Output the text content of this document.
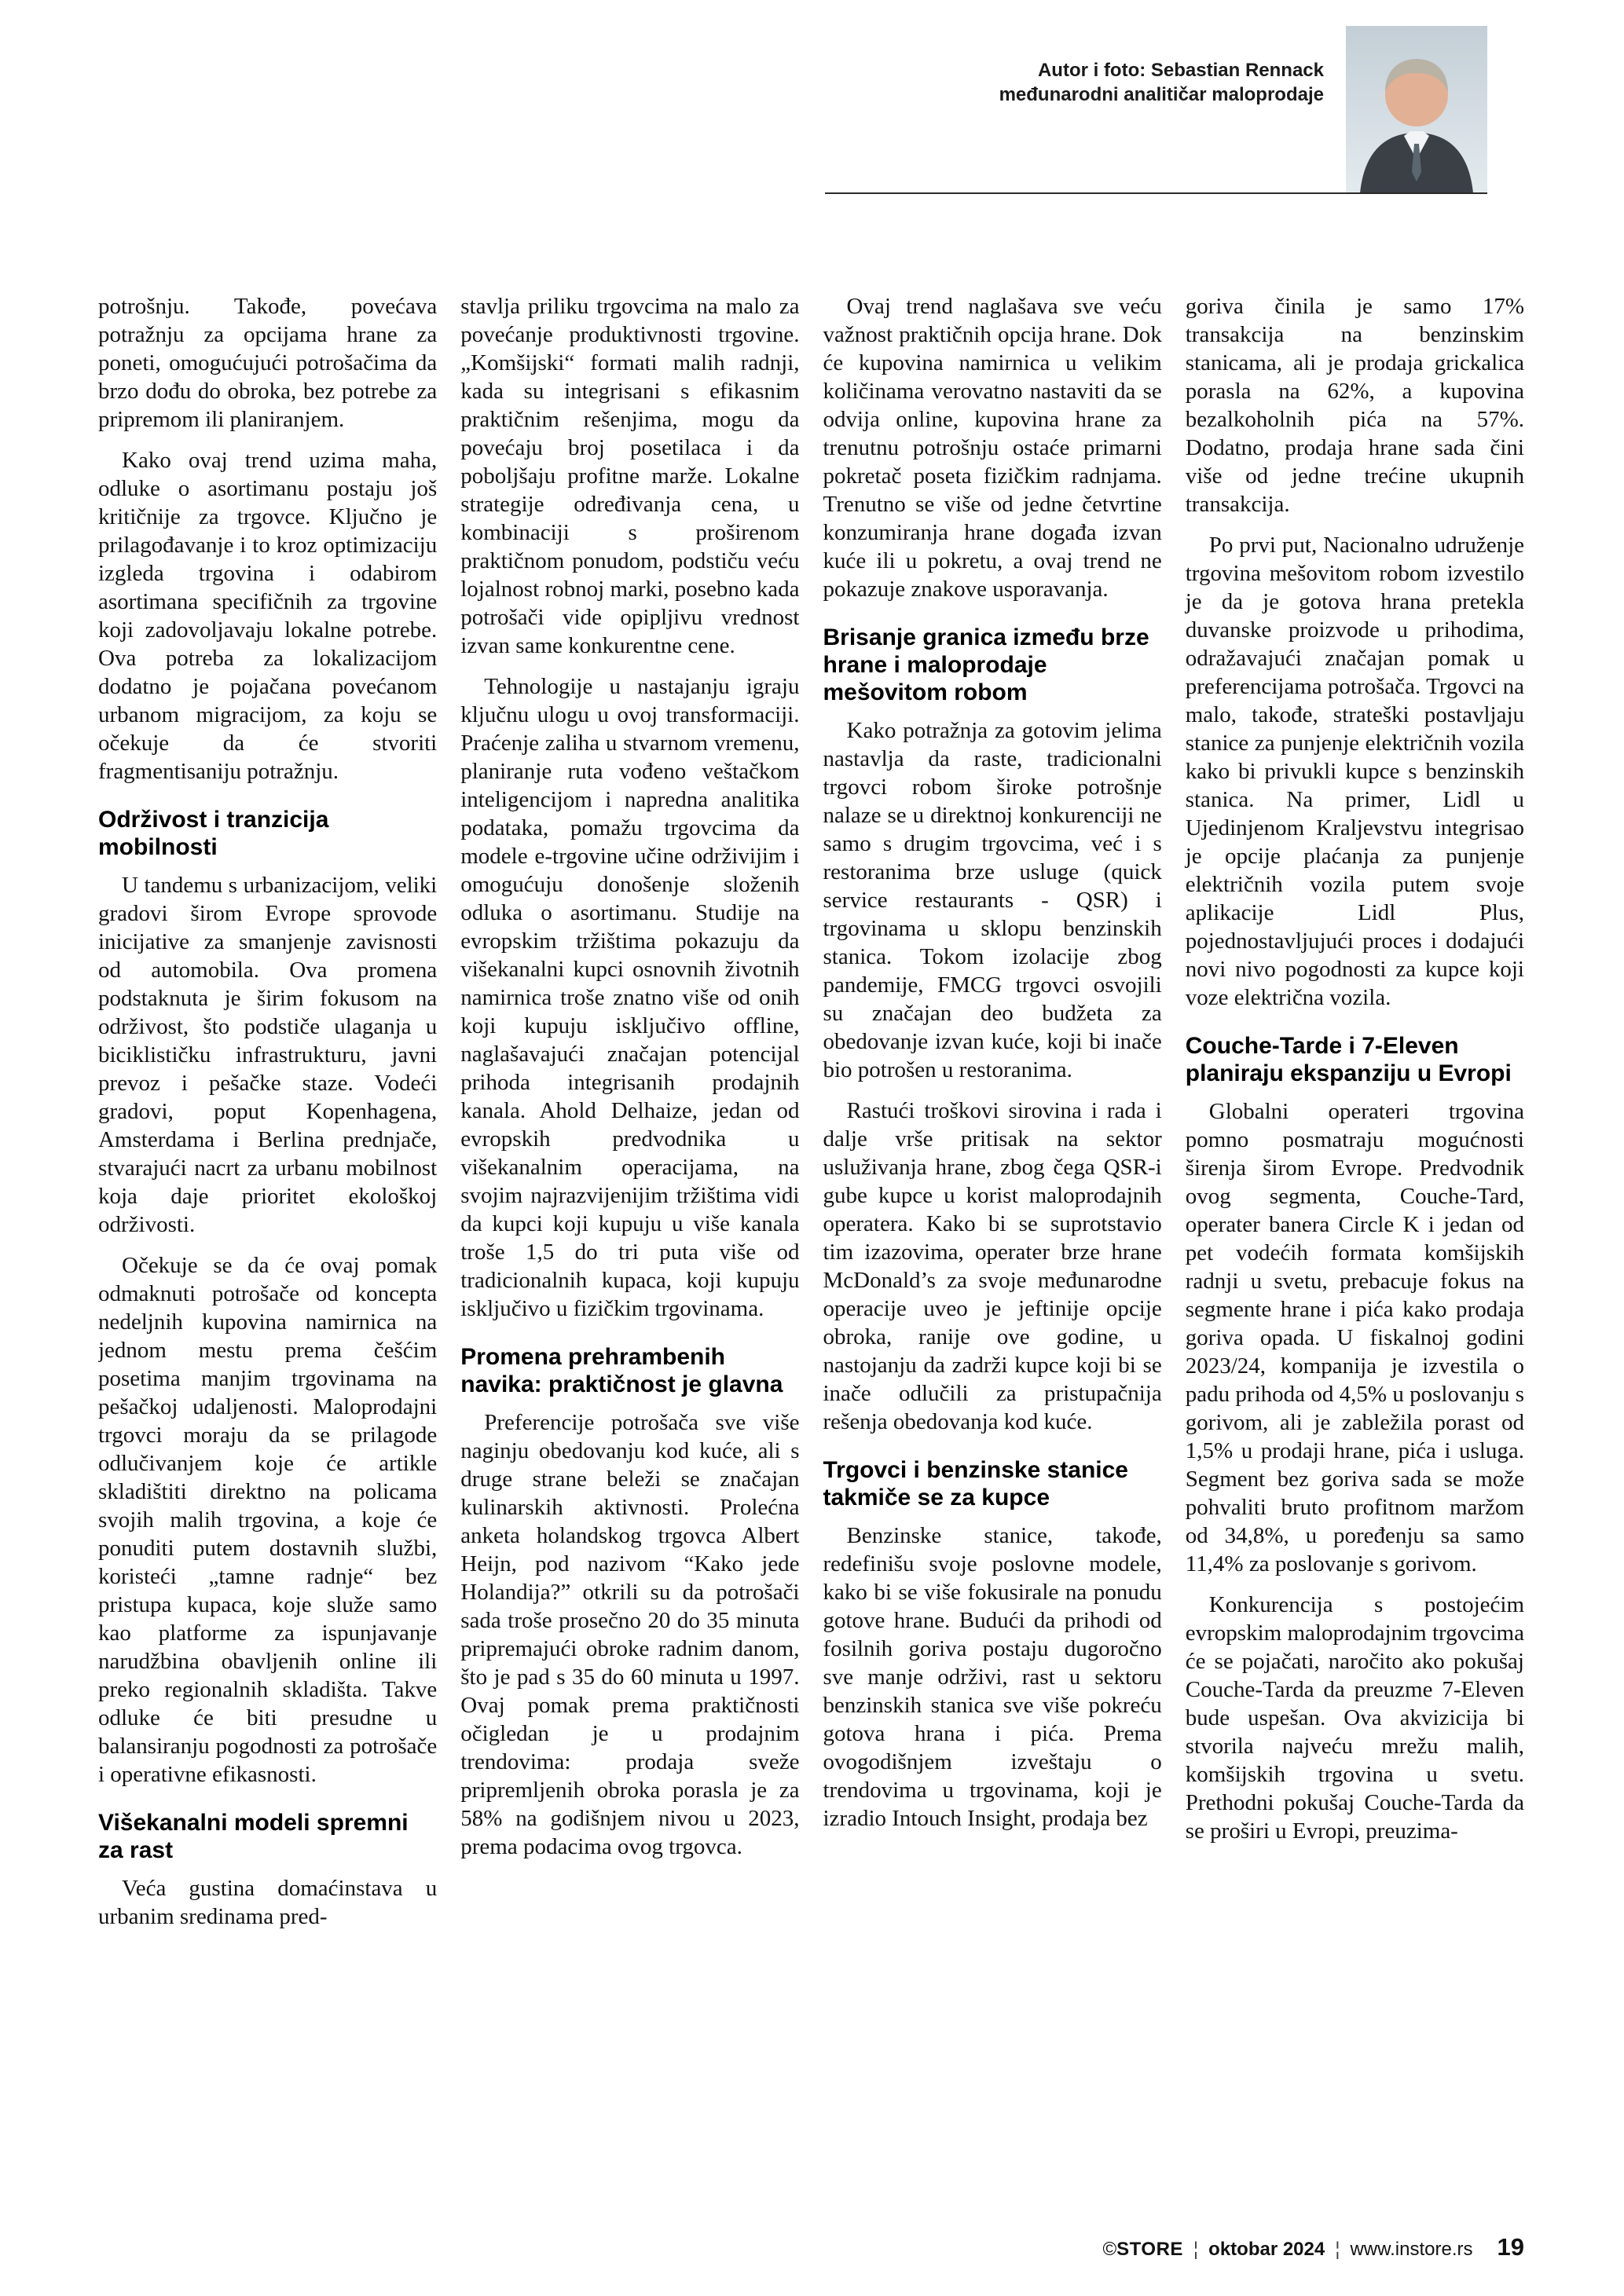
Autor i foto: Sebastian Rennack
međunarodni analitičar maloprodaje

potrošnju. Takođe, povećava potražnju za opcijama hrane za poneti, omogućujući potrošačima da brzo dođu do obroka, bez potrebe za pripremom ili planiranjem.

Kako ovaj trend uzima maha, odluke o asortimanu postaju još kritičnije za trgovce. Ključno je prilagođavanje i to kroz optimizaciju izgleda trgovina i odabirom asortimana specifičnih za trgovine koji zadovoljavaju lokalne potrebe. Ova potreba za lokalizacijom dodatno je pojačana povećanom urbanom migracijom, za koju se očekuje da će stvoriti fragmentisaniju potražnju.

Održivost i tranzicija mobilnosti

U tandemu s urbanizacijom, veliki gradovi širom Evrope sprovode inicijative za smanjenje zavisnosti od automobila. Ova promena podstaknuta je širim fokusom na održivost, što podstiče ulaganja u biciklističku infrastrukturu, javni prevoz i pešačke staze. Vodeći gradovi, poput Kopenhagena, Amsterdama i Berlina prednjače, stvarajući nacrt za urbanu mobilnost koja daje prioritet ekološkoj održivosti.

Očekuje se da će ovaj pomak odmaknuti potrošače od koncepta nedeljnih kupovina namirnica na jednom mestu prema češćim posetima manjim trgovinama na pešačkoj udaljenosti. Maloprodajni trgovci moraju da se prilagode odlučivanjem koje će artikle skladištiti direktno na policama svojih malih trgovina, a koje će ponuditi putem dostavnih službi, koristeći „tamne radnje“ bez pristupa kupaca, koje služe samo kao platforme za ispunjavanje narudžbina obavljenih online ili preko regionalnih skladišta. Takve odluke će biti presudne u balansiranju pogodnosti za potrošače i operativne efikasnosti.

Višekanalni modeli spremni za rast

Veća gustina domaćinstava u urbanim sredinama pred-

stavlja priliku trgovcima na malo za povećanje produktivnosti trgovine. „Komšijski“ formati malih radnji, kada su integrisani s efikasnim praktičnim rešenjima, mogu da povećaju broj posetilaca i da poboljšaju profitne marže. Lokalne strategije određivanja cena, u kombinaciji s proširenom praktičnom ponudom, podstiču veću lojalnost robnoj marki, posebno kada potrošači vide opipljivu vrednost izvan same konkurentne cene.

Tehnologije u nastajanju igraju ključnu ulogu u ovoj transformaciji. Praćenje zaliha u stvarnom vremenu, planiranje ruta vođeno veštačkom inteligencijom i napredna analitika podataka, pomažu trgovcima da modele e-trgovine učine održivijim i omogućuju donošenje složenih odluka o asortimanu. Studije na evropskim tržištima pokazuju da višekanalni kupci osnovnih životnih namirnica troše znatno više od onih koji kupuju isključivo offline, naglašavajući značajan potencijal prihoda integrisanih prodajnih kanala. Ahold Delhaize, jedan od evropskih predvodnika u višekanalnim operacijama, na svojim najrazvijenijim tržištima vidi da kupci koji kupuju u više kanala troše 1,5 do tri puta više od tradicionalnih kupaca, koji kupuju isključivo u fizičkim trgovinama.

Promena prehrambenih navika: praktičnost je glavna

Preferencije potrošača sve više naginju obedovanju kod kuće, ali s druge strane beleži se značajan kulinarskih aktivnosti. Prolećna anketa holandskog trgovca Albert Heijn, pod nazivom “Kako jede Holandija?” otkrili su da potrošači sada troše prosečno 20 do 35 minuta pripremajući obroke radnim danom, što je pad s 35 do 60 minuta u 1997. Ovaj pomak prema praktičnosti očigledan je u prodajnim trendovima: prodaja sveže pripremljenih obroka porasla je za 58% na godišnjem nivou u 2023, prema podacima ovog trgovca.

Ovaj trend naglašava sve veću važnost praktičnih opcija hrane. Dok će kupovina namirnica u velikim količinama verovatno nastaviti da se odvija online, kupovina hrane za trenutnu potrošnju ostaće primarni pokretač poseta fizičkim radnjama. Trenutno se više od jedne četvrtine konzumiranja hrane događa izvan kuće ili u pokretu, a ovaj trend ne pokazuje znakove usporavanja.

Brisanje granica između brze hrane i maloprodaje mešovitom robom

Kako potražnja za gotovim jelima nastavlja da raste, tradicionalni trgovci robom široke potrošnje nalaze se u direktnoj konkurenciji ne samo s drugim trgovcima, već i s restoranima brze usluge (quick service restaurants - QSR) i trgovinama u sklopu benzinskih stanica. Tokom izolacije zbog pandemije, FMCG trgovci osvojili su značajan deo budžeta za obedovanje izvan kuće, koji bi inače bio potrošen u restoranima.

Rastući troškovi sirovina i rada i dalje vrše pritisak na sektor usluživanja hrane, zbog čega QSR-i gube kupce u korist maloprodajnih operatera. Kako bi se suprotstavio tim izazovima, operater brze hrane McDonald’s za svoje međunarodne operacije uveo je jeftinije opcije obroka, ranije ove godine, u nastojanju da zadrži kupce koji bi se inače odlučili za pristupačnija rešenja obedovanja kod kuće.

Trgovci i benzinske stanice takmiče se za kupce

Benzinske stanice, takođe, redefinišu svoje poslovne modele, kako bi se više fokusirale na ponudu gotove hrane. Budući da prihodi od fosilnih goriva postaju dugoročno sve manje održivi, rast u sektoru benzinskih stanica sve više pokreću gotova hrana i pića. Prema ovogodišnjem izveštaju o trendovima u trgovinama, koji je izradio Intouch Insight, prodaja bez

goriva činila je samo 17% transakcija na benzinskim stanicama, ali je prodaja grickalica porasla na 62%, a kupovina bezalkoholnih pića na 57%. Dodatno, prodaja hrane sada čini više od jedne trećine ukupnih transakcija.

Po prvi put, Nacionalno udruženje trgovina mešovitom robom izvestilo je da je gotova hrana pretekla duvanske proizvode u prihodima, odražavajući značajan pomak u preferencijama potrošača. Trgovci na malo, takođe, strateški postavljaju stanice za punjenje električnih vozila kako bi privukli kupce s benzinskih stanica. Na primer, Lidl u Ujedinjenom Kraljevstvu integrisao je opcije plaćanja za punjenje električnih vozila putem svoje aplikacije Lidl Plus, pojednostavljujući proces i dodajući novi nivo pogodnosti za kupce koji voze električna vozila.

Couche-Tarde i 7-Eleven planiraju ekspanziju u Evropi

Globalni operateri trgovina pomno posmatraju mogućnosti širenja širom Evrope. Predvodnik ovog segmenta, Couche-Tard, operater banera Circle K i jedan od pet vodećih formata komšijskih radnji u svetu, prebacuje fokus na segmente hrane i pića kako prodaja goriva opada. U fiskalnoj godini 2023/24, kompanija je izvestila o padu prihoda od 4,5% u poslovanju s gorivom, ali je zabležila porast od 1,5% u prodaji hrane, pića i usluga. Segment bez goriva sada se može pohvaliti bruto profitnom maržom od 34,8%, u poređenju sa samo 11,4% za poslovanje s gorivom.

Konkurencija s postojećim evropskim maloprodajnim trgovcima će se pojačati, naročito ako pokušaj Couche-Tarda da preuzme 7-Eleven bude uspešan. Ova akvizicija bi stvorila najveću mrežu malih, komšijskih trgovina u svetu. Prethodni pokušaj Couche-Tarda da se proširi u Evropi, preuzima-

©STORE ¦ oktobar 2024 ¦ www.instore.rs 19
